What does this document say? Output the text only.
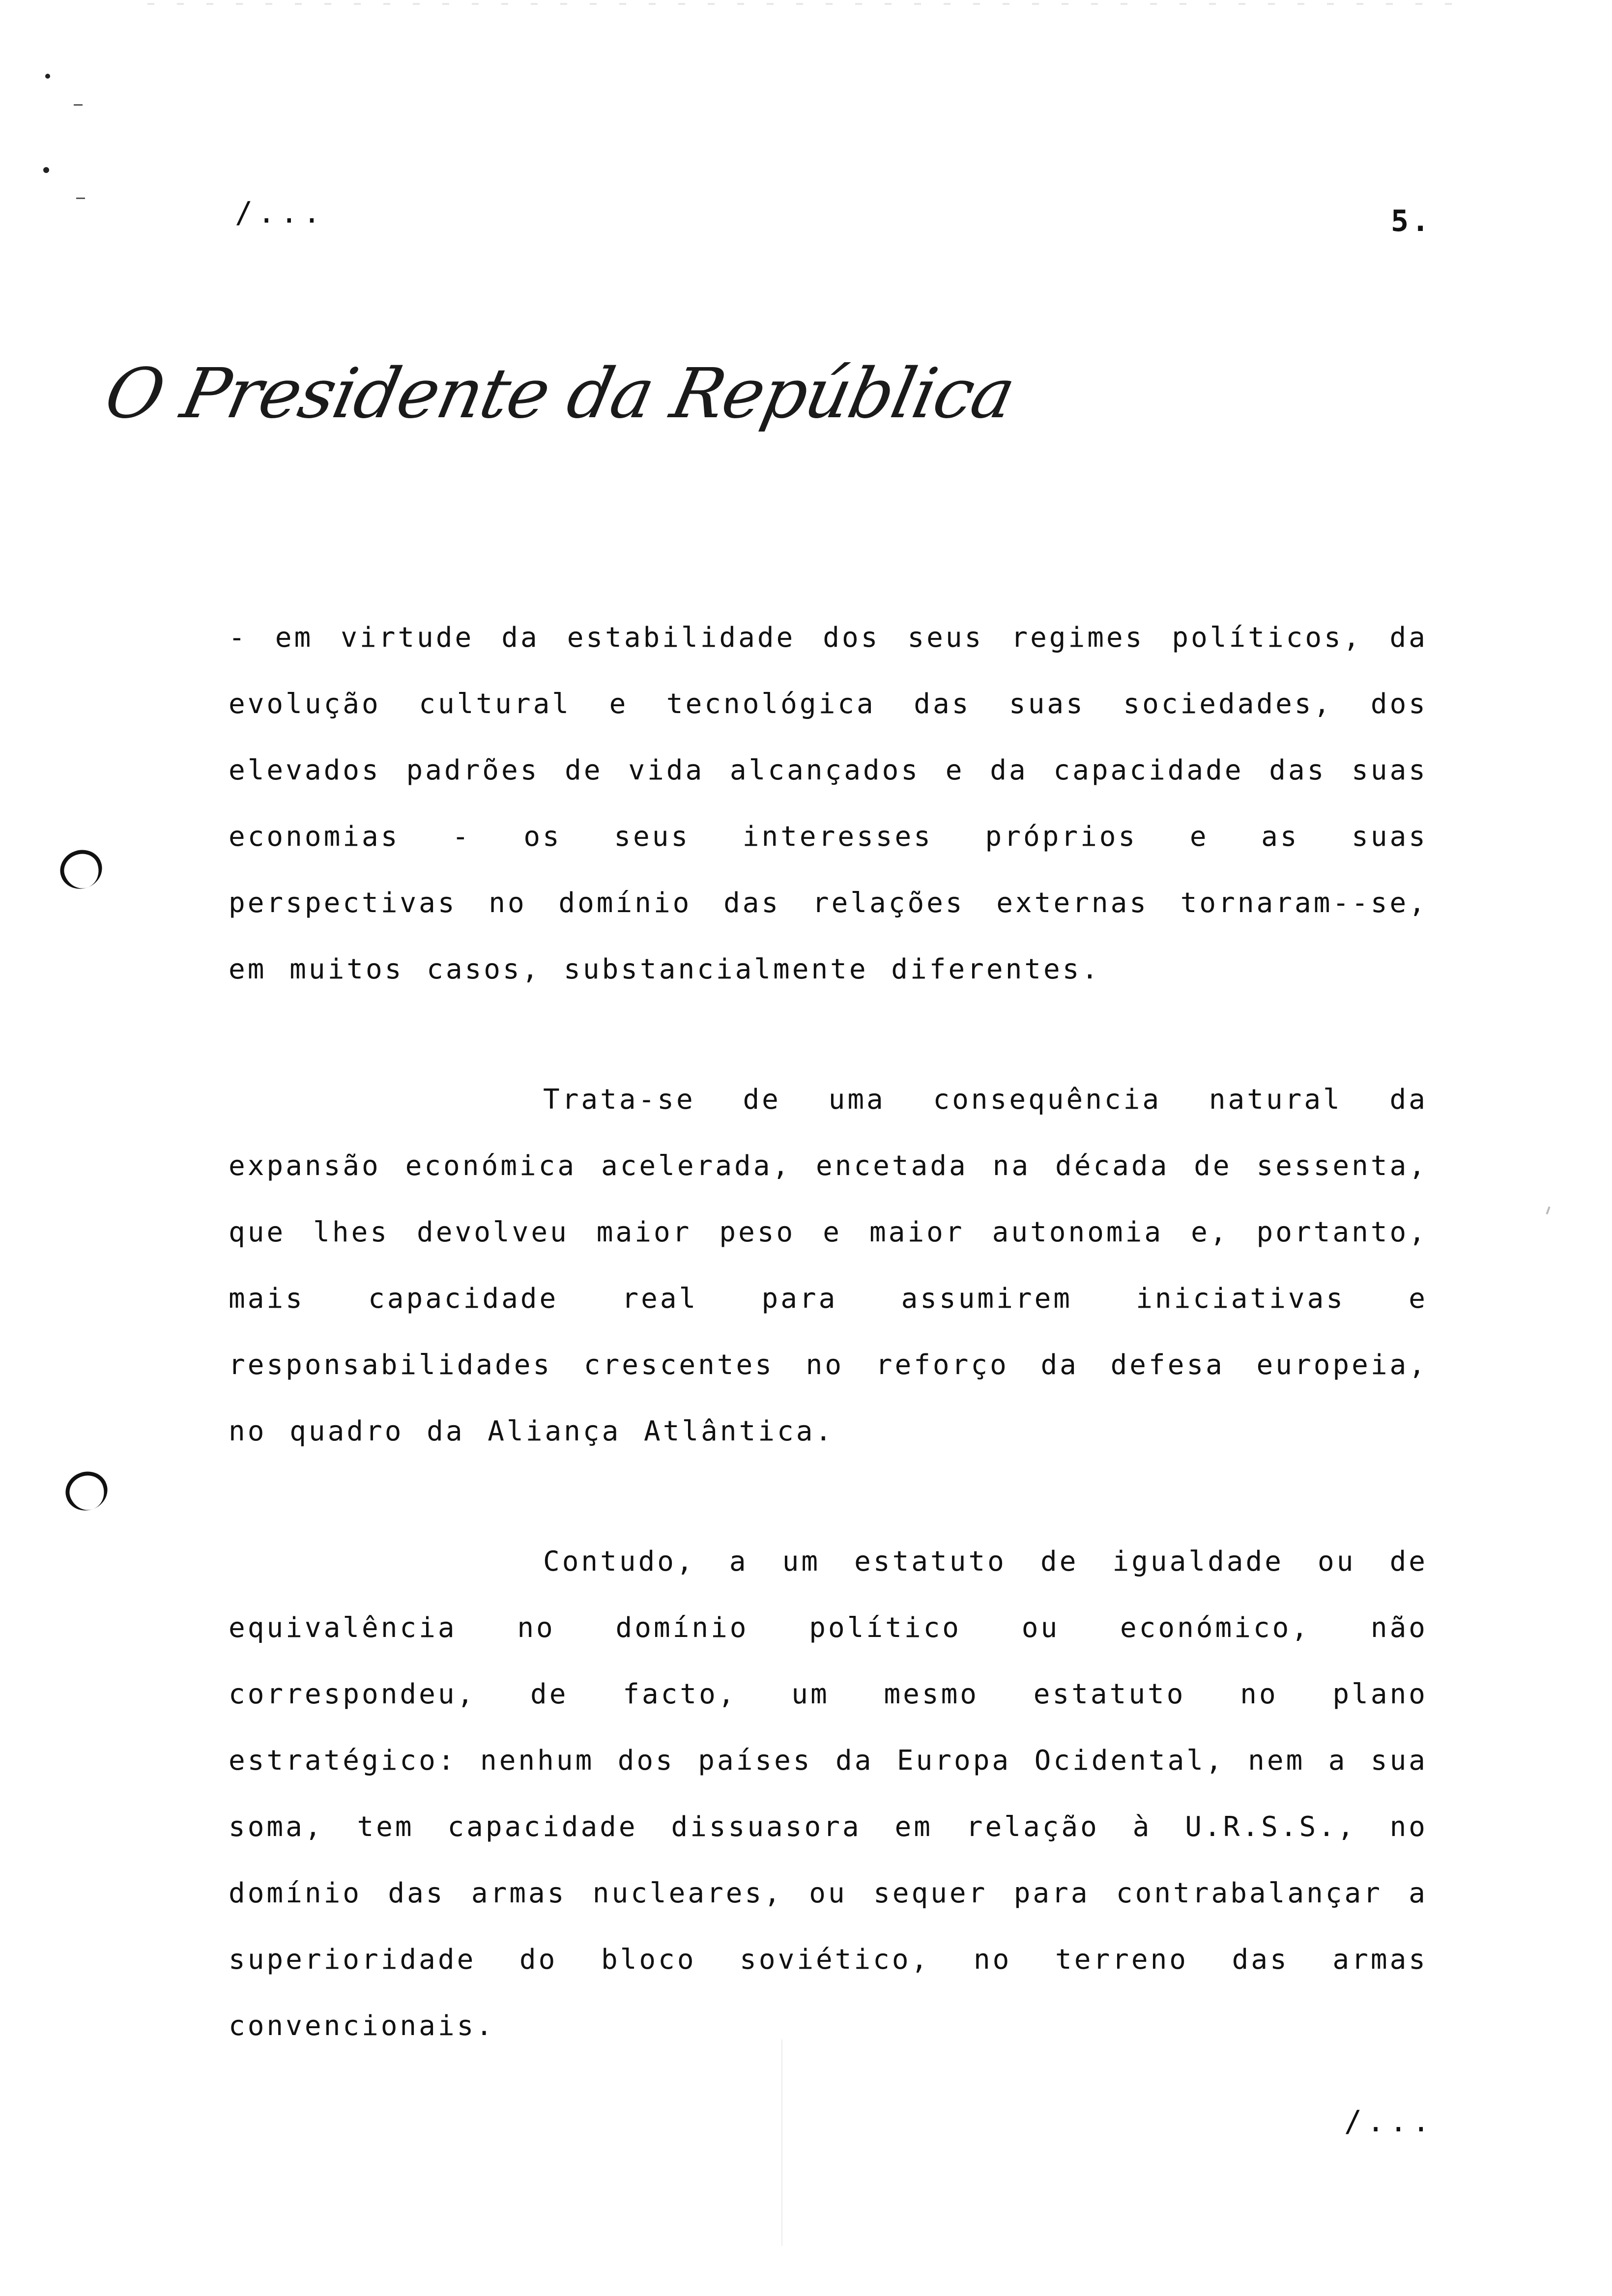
/...	5.
O Presidente da República

- em virtude da estabilidade dos seus regimes políticos, da evolução cultural e tecnológica das suas sociedades, dos elevados padrões de vida alcançados e da capacidade das suas economias - os seus interesses próprios e as suas perspectivas no domínio das relações externas tornaram--se, em muitos casos, substancialmente diferentes.

Trata-se de uma consequência natural da expansão económica acelerada, encetada na década de sessenta, que lhes devolveu maior peso e maior autonomia e, portanto, mais capacidade real para assumirem iniciativas e responsabilidades crescentes no reforço da defesa europeia, no quadro da Aliança Atlântica.

Contudo, a um estatuto de igualdade ou de equivalência no domínio político ou económico, não correspondeu, de facto, um mesmo estatuto no plano estratégico: nenhum dos países da Europa Ocidental, nem a sua soma, tem capacidade dissuasora em relação à U.R.S.S., no domínio das armas nucleares, ou sequer para contrabalançar a superioridade do bloco soviético, no terreno das armas convencionais.

/...
